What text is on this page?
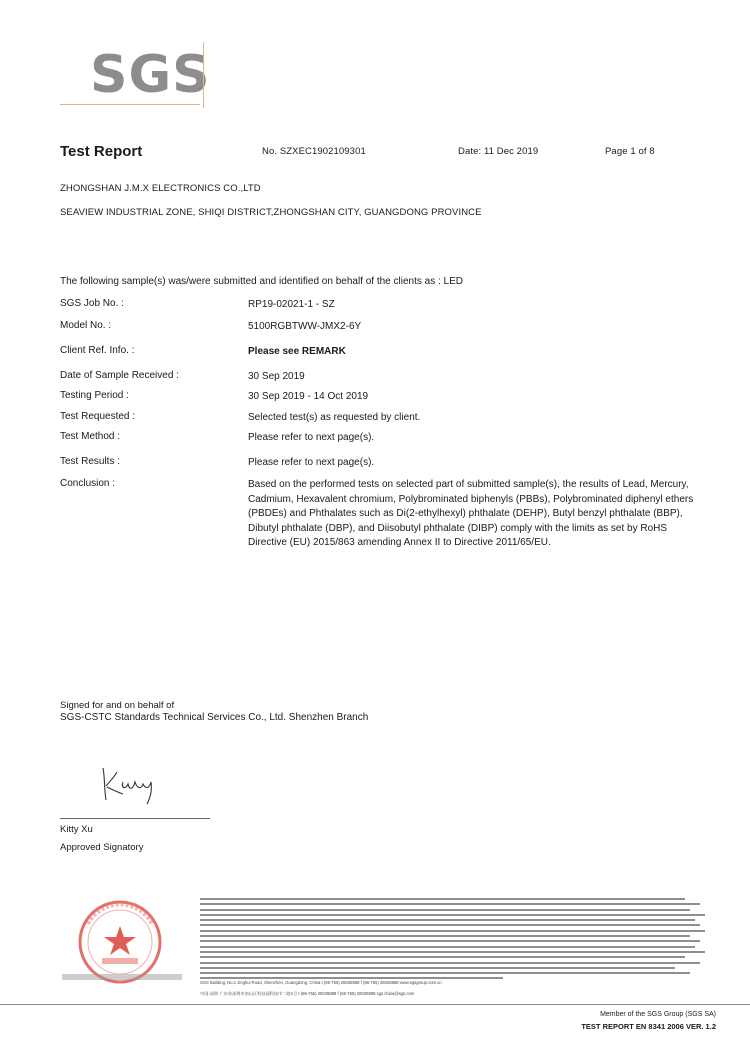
SGS
Test Report	No. SZXEC1902109301	Date: 11 Dec 2019	Page 1 of 8
ZHONGSHAN J.M.X ELECTRONICS CO.,LTD
SEAVIEW INDUSTRIAL ZONE, SHIQI DISTRICT,ZHONGSHAN CITY, GUANGDONG PROVINCE
The following sample(s) was/were submitted and identified on behalf of the clients as : LED
SGS Job No. :	RP19-02021-1 - SZ
Model No. :	5100RGBTWW-JMX2-6Y
Client Ref. Info. :	Please see REMARK
Date of Sample Received :	30 Sep 2019
Testing Period :	30 Sep 2019 - 14 Oct 2019
Test Requested :	Selected test(s) as requested by client.
Test Method :	Please refer to next page(s).
Test Results :	Please refer to next page(s).
Conclusion :	Based on the performed tests on selected part of submitted sample(s), the results of Lead, Mercury, Cadmium, Hexavalent chromium, Polybrominated biphenyls (PBBs), Polybrominated diphenyl ethers (PBDEs) and Phthalates such as Di(2-ethylhexyl) phthalate (DEHP), Butyl benzyl phthalate (BBP), Dibutyl phthalate (DBP), and Diisobutyl phthalate (DIBP) comply with the limits as set by RoHS Directive (EU) 2015/863 amending Annex II to Directive 2011/65/EU.
Signed for and on behalf of
SGS-CSTC Standards Technical Services Co., Ltd. Shenzhen Branch
Kitty Xu
Approved Signatory
SGS Building, No.1 Jinghui Road, Shenzhen, Guangdong, China t (86-755) 26028888 f (86-755) 26028888 www.sgsgroup.com.cn
中国·深圳·广东省深圳市南山区科技园科技中二路1号 t (86-755) 26028888 f (86-755) 26028888 sgs.china@sgs.com
Member of the SGS Group (SGS SA)
TEST REPORT EN 8341 2006 VER. 1.2
